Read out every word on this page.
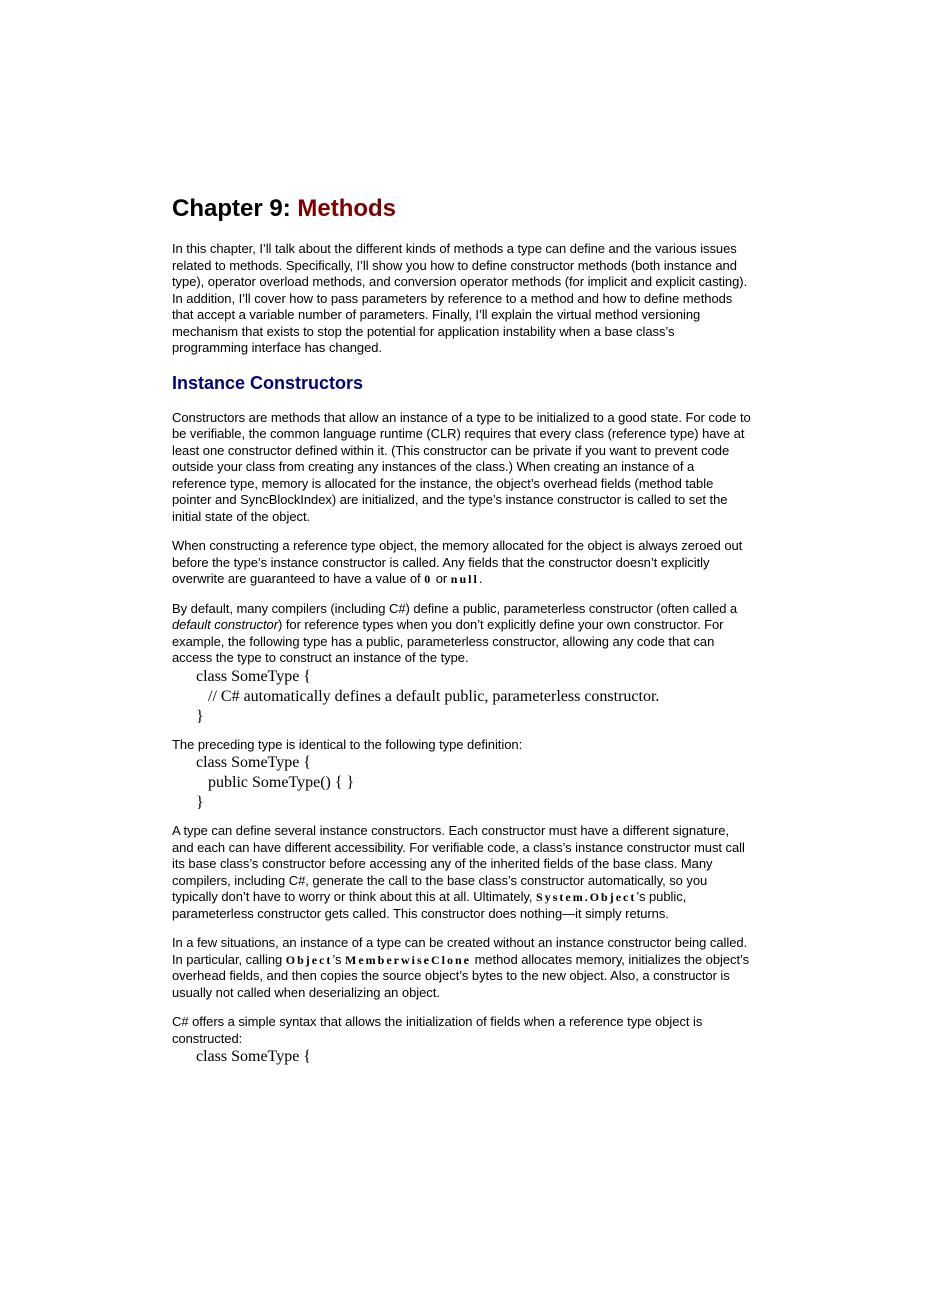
Chapter 9: Methods

In this chapter, I’ll talk about the different kinds of methods a type can define and the various issues related to methods. Specifically, I’ll show you how to define constructor methods (both instance and type), operator overload methods, and conversion operator methods (for implicit and explicit casting). In addition, I’ll cover how to pass parameters by reference to a method and how to define methods that accept a variable number of parameters. Finally, I’ll explain the virtual method versioning mechanism that exists to stop the potential for application instability when a base class’s programming interface has changed.

Instance Constructors

Constructors are methods that allow an instance of a type to be initialized to a good state. For code to be verifiable, the common language runtime (CLR) requires that every class (reference type) have at least one constructor defined within it. (This constructor can be private if you want to prevent code outside your class from creating any instances of the class.) When creating an instance of a reference type, memory is allocated for the instance, the object’s overhead fields (method table pointer and SyncBlockIndex) are initialized, and the type’s instance constructor is called to set the initial state of the object.

When constructing a reference type object, the memory allocated for the object is always zeroed out before the type’s instance constructor is called. Any fields that the constructor doesn’t explicitly overwrite are guaranteed to have a value of 0 or null.

By default, many compilers (including C#) define a public, parameterless constructor (often called a default constructor) for reference types when you don’t explicitly define your own constructor. For example, the following type has a public, parameterless constructor, allowing any code that can access the type to construct an instance of the type.

class SomeType {
// C# automatically defines a default public, parameterless constructor.
}

The preceding type is identical to the following type definition:

class SomeType {
public SomeType() { }
}

A type can define several instance constructors. Each constructor must have a different signature, and each can have different accessibility. For verifiable code, a class’s instance constructor must call its base class’s constructor before accessing any of the inherited fields of the base class. Many compilers, including C#, generate the call to the base class’s constructor automatically, so you typically don’t have to worry or think about this at all. Ultimately, System.Object’s public, parameterless constructor gets called. This constructor does nothing—it simply returns.

In a few situations, an instance of a type can be created without an instance constructor being called. In particular, calling Object’s MemberwiseClone method allocates memory, initializes the object’s overhead fields, and then copies the source object’s bytes to the new object. Also, a constructor is usually not called when deserializing an object.

C# offers a simple syntax that allows the initialization of fields when a reference type object is constructed:

class SomeType {
